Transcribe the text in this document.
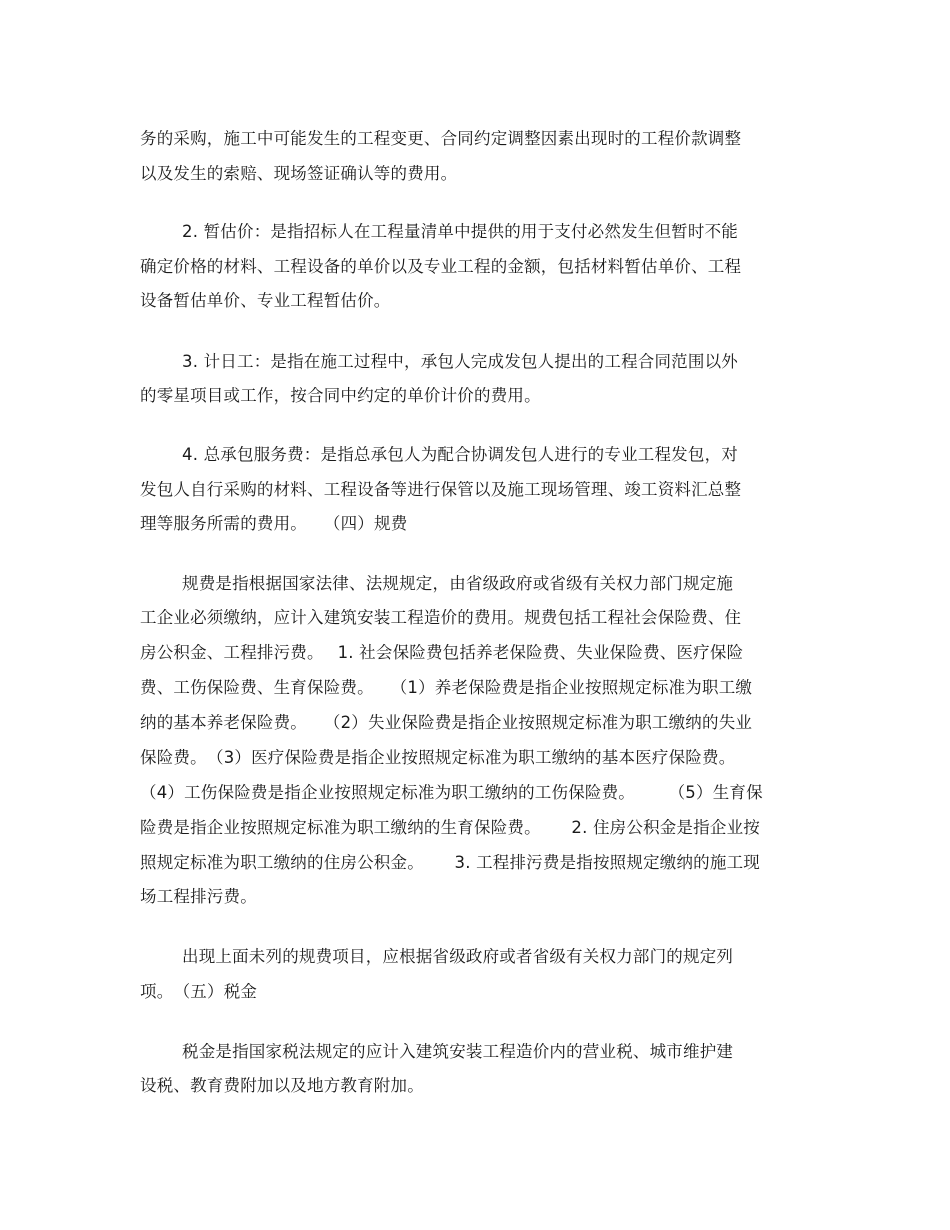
务的采购，施工中可能发生的工程变更、合同约定调整因素出现时的工程价款调整
以及发生的索赔、现场签证确认等的费用。
2. 暂估价：是指招标人在工程量清单中提供的用于支付必然发生但暂时不能
确定价格的材料、工程设备的单价以及专业工程的金额，包括材料暂估单价、工程
设备暂估单价、专业工程暂估价。
3. 计日工：是指在施工过程中，承包人完成发包人提出的工程合同范围以外
的零星项目或工作，按合同中约定的单价计价的费用。
4. 总承包服务费：是指总承包人为配合协调发包人进行的专业工程发包，对
发包人自行采购的材料、工程设备等进行保管以及施工现场管理、竣工资料汇总整
理等服务所需的费用。　　（四）规费
规费是指根据国家法律、法规规定，由省级政府或省级有关权力部门规定施
工企业必须缴纳，应计入建筑安装工程造价的费用。规费包括工程社会保险费、住
房公积金、工程排污费。　 1. 社会保险费包括养老保险费、失业保险费、医疗保险
费、工伤保险费、生育保险费。　　（1）养老保险费是指企业按照规定标准为职工缴
纳的基本养老保险费。　　（2）失业保险费是指企业按照规定标准为职工缴纳的失业
保险费。　（3）医疗保险费是指企业按照规定标准为职工缴纳的基本医疗保险费。
（4）工伤保险费是指企业按照规定标准为职工缴纳的工伤保险费。　　　（5）生育保
险费是指企业按照规定标准为职工缴纳的生育保险费。　　 2. 住房公积金是指企业按
照规定标准为职工缴纳的住房公积金。　　 3. 工程排污费是指按照规定缴纳的施工现
场工程排污费。
出现上面未列的规费项目，应根据省级政府或者省级有关权力部门的规定列
项。　（五）税金
税金是指国家税法规定的应计入建筑安装工程造价内的营业税、城市维护建
设税、教育费附加以及地方教育附加。
